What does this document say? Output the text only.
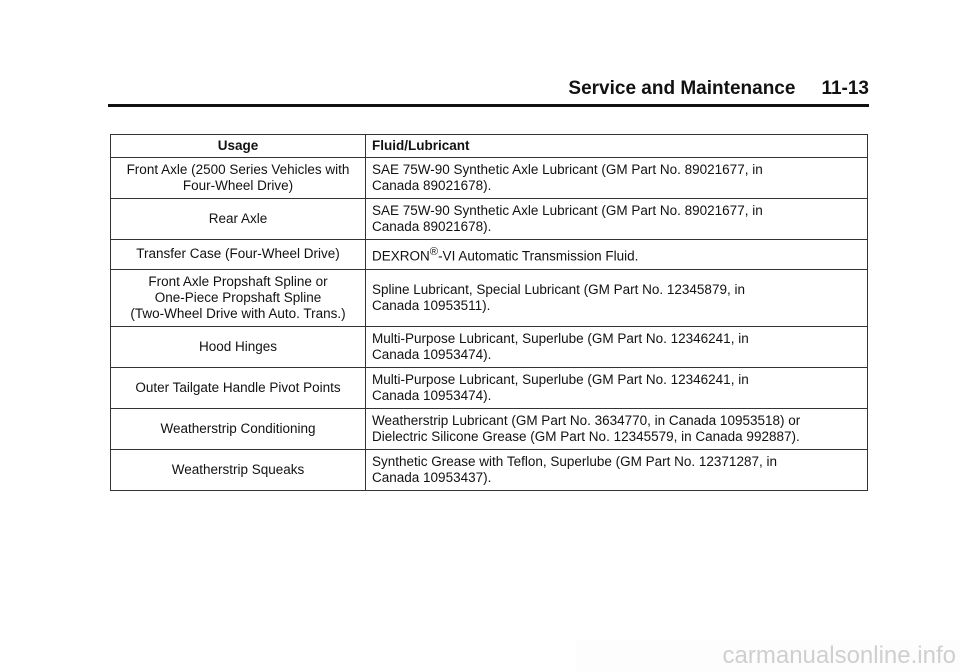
Service and Maintenance 11-13
Usage	Fluid/Lubricant

Front Axle (2500 Series Vehicles with
Four-Wheel Drive)	SAE 75W-90 Synthetic Axle Lubricant (GM Part No. 89021677, in
Canada 89021678).

Rear Axle	SAE 75W-90 Synthetic Axle Lubricant (GM Part No. 89021677, in
Canada 89021678).

Transfer Case (Four-Wheel Drive)	DEXRON®-VI Automatic Transmission Fluid.

Front Axle Propshaft Spline or
One-Piece Propshaft Spline
(Two-Wheel Drive with Auto. Trans.)	Spline Lubricant, Special Lubricant (GM Part No. 12345879, in
Canada 10953511).

Hood Hinges	Multi-Purpose Lubricant, Superlube (GM Part No. 12346241, in
Canada 10953474).

Outer Tailgate Handle Pivot Points	Multi-Purpose Lubricant, Superlube (GM Part No. 12346241, in
Canada 10953474).

Weatherstrip Conditioning	Weatherstrip Lubricant (GM Part No. 3634770, in Canada 10953518) or
Dielectric Silicone Grease (GM Part No. 12345579, in Canada 992887).

Weatherstrip Squeaks	Synthetic Grease with Teflon, Superlube (GM Part No. 12371287, in
Canada 10953437).
carmanualsonline.info
